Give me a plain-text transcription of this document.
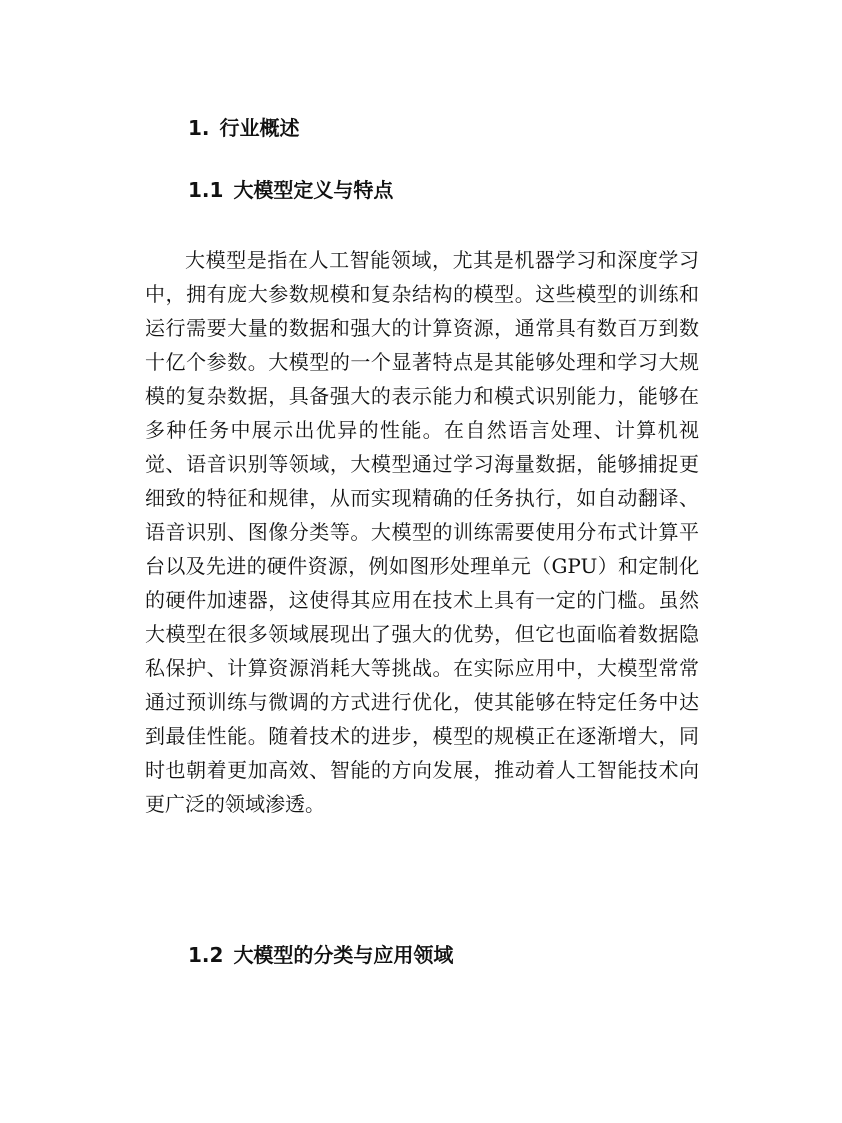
1. 行业概述
1.1 大模型定义与特点

大模型是指在人工智能领域，尤其是机器学习和深度学习中，拥有庞大参数规模和复杂结构的模型。这些模型的训练和运行需要大量的数据和强大的计算资源，通常具有数百万到数十亿个参数。大模型的一个显著特点是其能够处理和学习大规模的复杂数据，具备强大的表示能力和模式识别能力，能够在多种任务中展示出优异的性能。在自然语言处理、计算机视觉、语音识别等领域，大模型通过学习海量数据，能够捕捉更细致的特征和规律，从而实现精确的任务执行，如自动翻译、语音识别、图像分类等。大模型的训练需要使用分布式计算平台以及先进的硬件资源，例如图形处理单元（GPU）和定制化的硬件加速器，这使得其应用在技术上具有一定的门槛。虽然大模型在很多领域展现出了强大的优势，但它也面临着数据隐私保护、计算资源消耗大等挑战。在实际应用中，大模型常常通过预训练与微调的方式进行优化，使其能够在特定任务中达到最佳性能。随着技术的进步，模型的规模正在逐渐增大，同时也朝着更加高效、智能的方向发展，推动着人工智能技术向更广泛的领域渗透。

1.2 大模型的分类与应用领域
